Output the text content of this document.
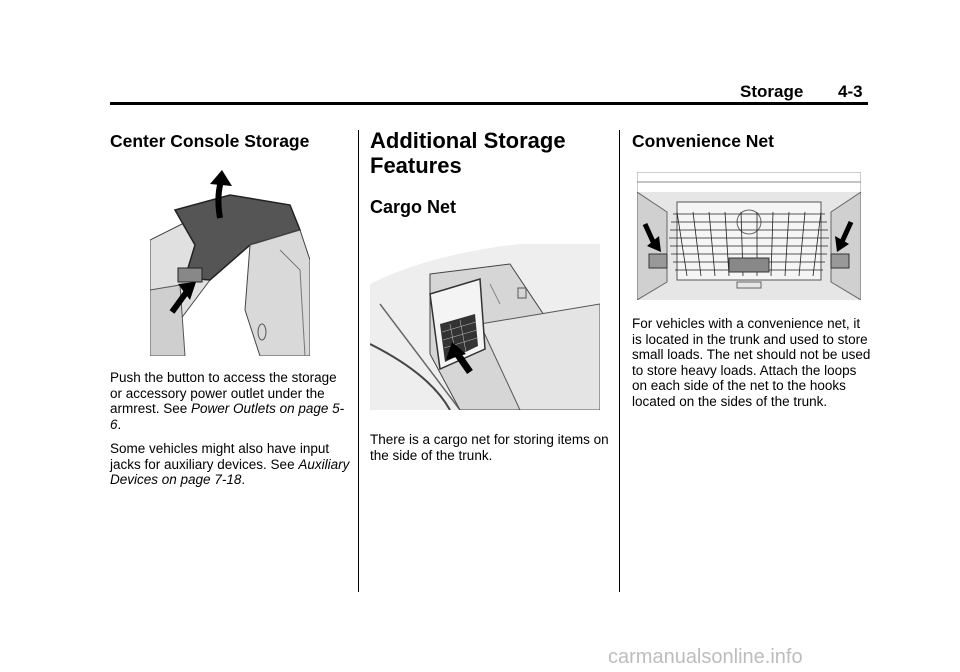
Storage 4-3

Center Console Storage

Push the button to access the storage or accessory power outlet under the armrest. See Power Outlets on page 5-6.

Some vehicles might also have input jacks for auxiliary devices. See Auxiliary Devices on page 7-18.

Additional Storage

Features

Cargo Net

There is a cargo net for storing items on the side of the trunk.

Convenience Net

For vehicles with a convenience net, it is located in the trunk and used to store small loads. The net should not be used to store heavy loads. Attach the loops on each side of the net to the hooks located on the sides of the trunk.

carmanualsonline.info
